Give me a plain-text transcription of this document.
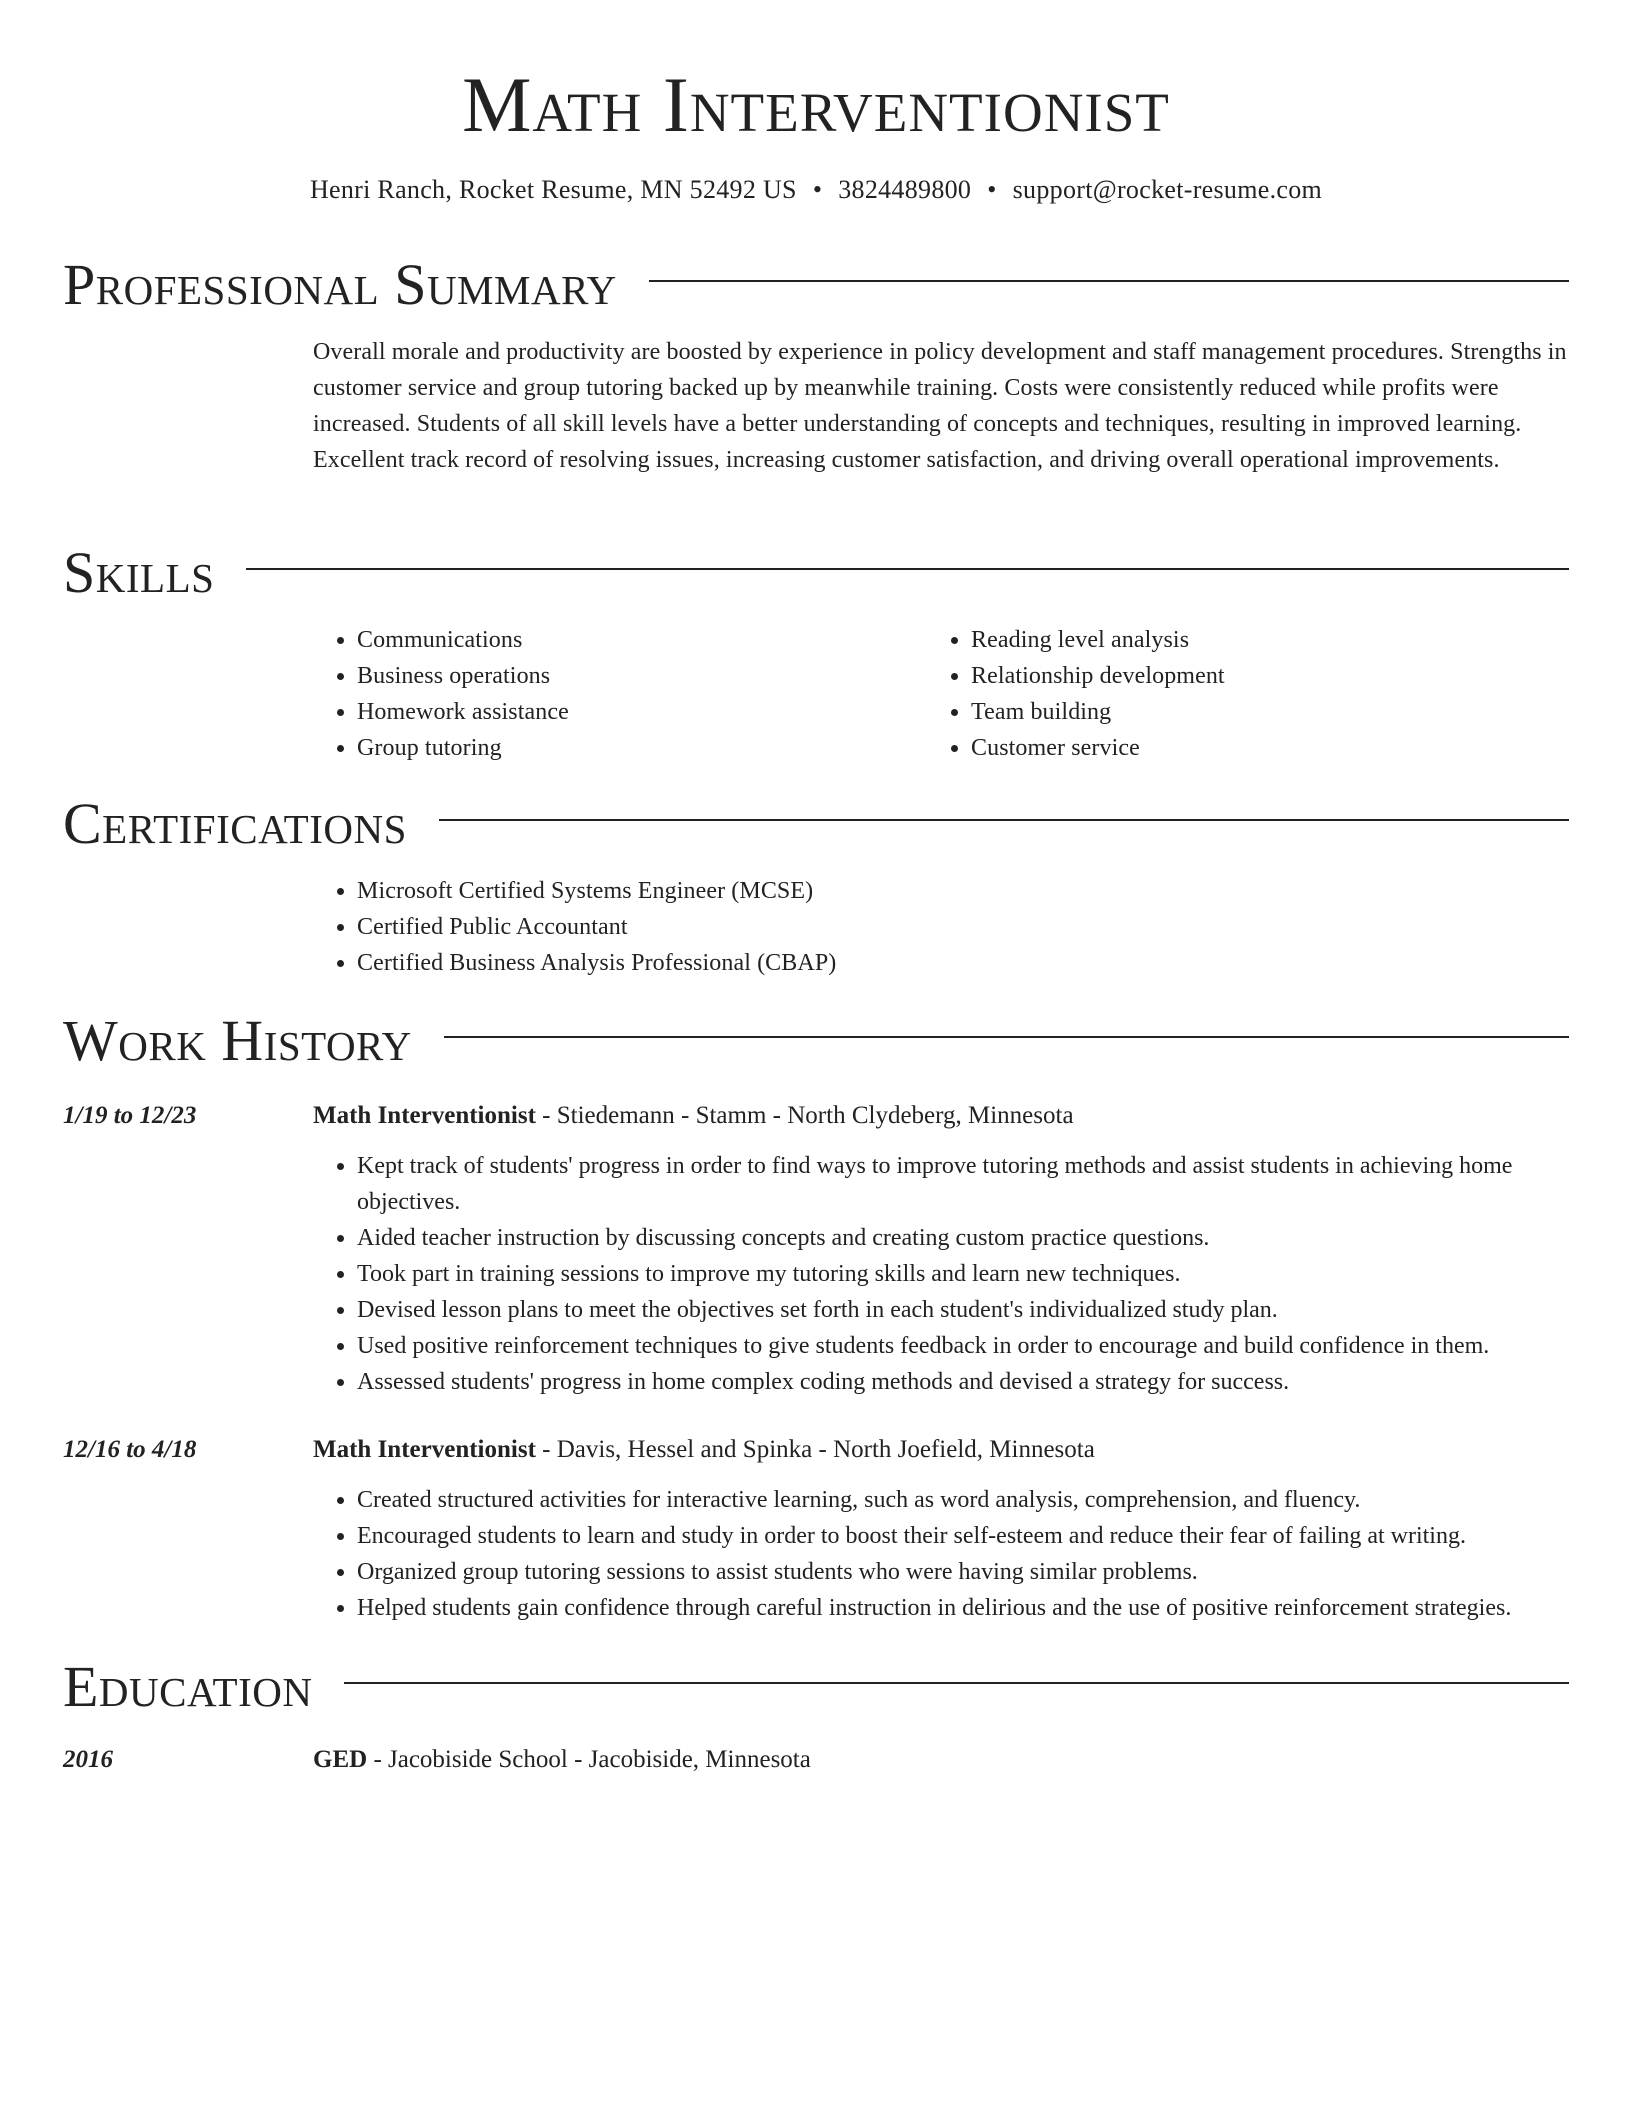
Math Interventionist
Henri Ranch, Rocket Resume, MN 52492 US • 3824489800 • support@rocket-resume.com
Professional Summary

Overall morale and productivity are boosted by experience in policy development and staff management procedures. Strengths in customer service and group tutoring backed up by meanwhile training. Costs were consistently reduced while profits were increased. Students of all skill levels have a better understanding of concepts and techniques, resulting in improved learning. Excellent track record of resolving issues, increasing customer satisfaction, and driving overall operational improvements.

Skills
• Communications
• Business operations
• Homework assistance
• Group tutoring
• Reading level analysis
• Relationship development
• Team building
• Customer service
Certifications
• Microsoft Certified Systems Engineer (MCSE)
• Certified Public Accountant
• Certified Business Analysis Professional (CBAP)
Work History
1/19 to 12/23	Math Interventionist - Stiedemann - Stamm - North Clydeberg, Minnesota
• Kept track of students' progress in order to find ways to improve tutoring methods and assist students in achieving home objectives.
• Aided teacher instruction by discussing concepts and creating custom practice questions.
• Took part in training sessions to improve my tutoring skills and learn new techniques.
• Devised lesson plans to meet the objectives set forth in each student's individualized study plan.
• Used positive reinforcement techniques to give students feedback in order to encourage and build confidence in them.
• Assessed students' progress in home complex coding methods and devised a strategy for success.
12/16 to 4/18	Math Interventionist - Davis, Hessel and Spinka - North Joefield, Minnesota
• Created structured activities for interactive learning, such as word analysis, comprehension, and fluency.
• Encouraged students to learn and study in order to boost their self-esteem and reduce their fear of failing at writing.
• Organized group tutoring sessions to assist students who were having similar problems.
• Helped students gain confidence through careful instruction in delirious and the use of positive reinforcement strategies.
Education
2016	GED - Jacobiside School - Jacobiside, Minnesota
